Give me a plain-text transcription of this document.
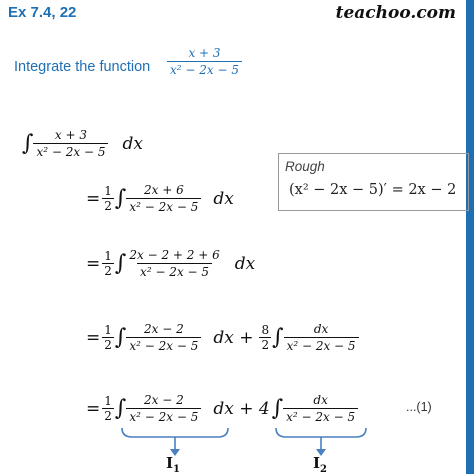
Ex 7.4, 22	teachoo.com
Integrate the function $\frac{x + 3}{\text{x² − 2x − 5}}$
∫ $\frac{x + 3}{\text{x² − 2x − 5}}$ dx
Rough
(x² − 2x − 5)′ = 2x − 2
= $\frac{1}{2}$ ∫ $\frac{2x + 6}{\text{x² − 2x − 5}}$ dx
= $\frac{1}{2}$ ∫ $\frac{2x - 2 + 2 + 6}{\text{x² − 2x − 5}}$ dx
= $\frac{1}{2}$ ∫ $\frac{2x - 2}{\text{x² − 2x − 5}}$ dx + $\frac{8}{2}$ ∫ $\frac{dx}{\text{x² − 2x − 5}}$
= $\frac{1}{2}$ ∫ $\frac{2x - 2}{\text{x² − 2x − 5}}$ dx + 4 ∫ $\frac{dx}{\text{x² − 2x − 5}}$	...(1)
$I_1$	$I_2$
